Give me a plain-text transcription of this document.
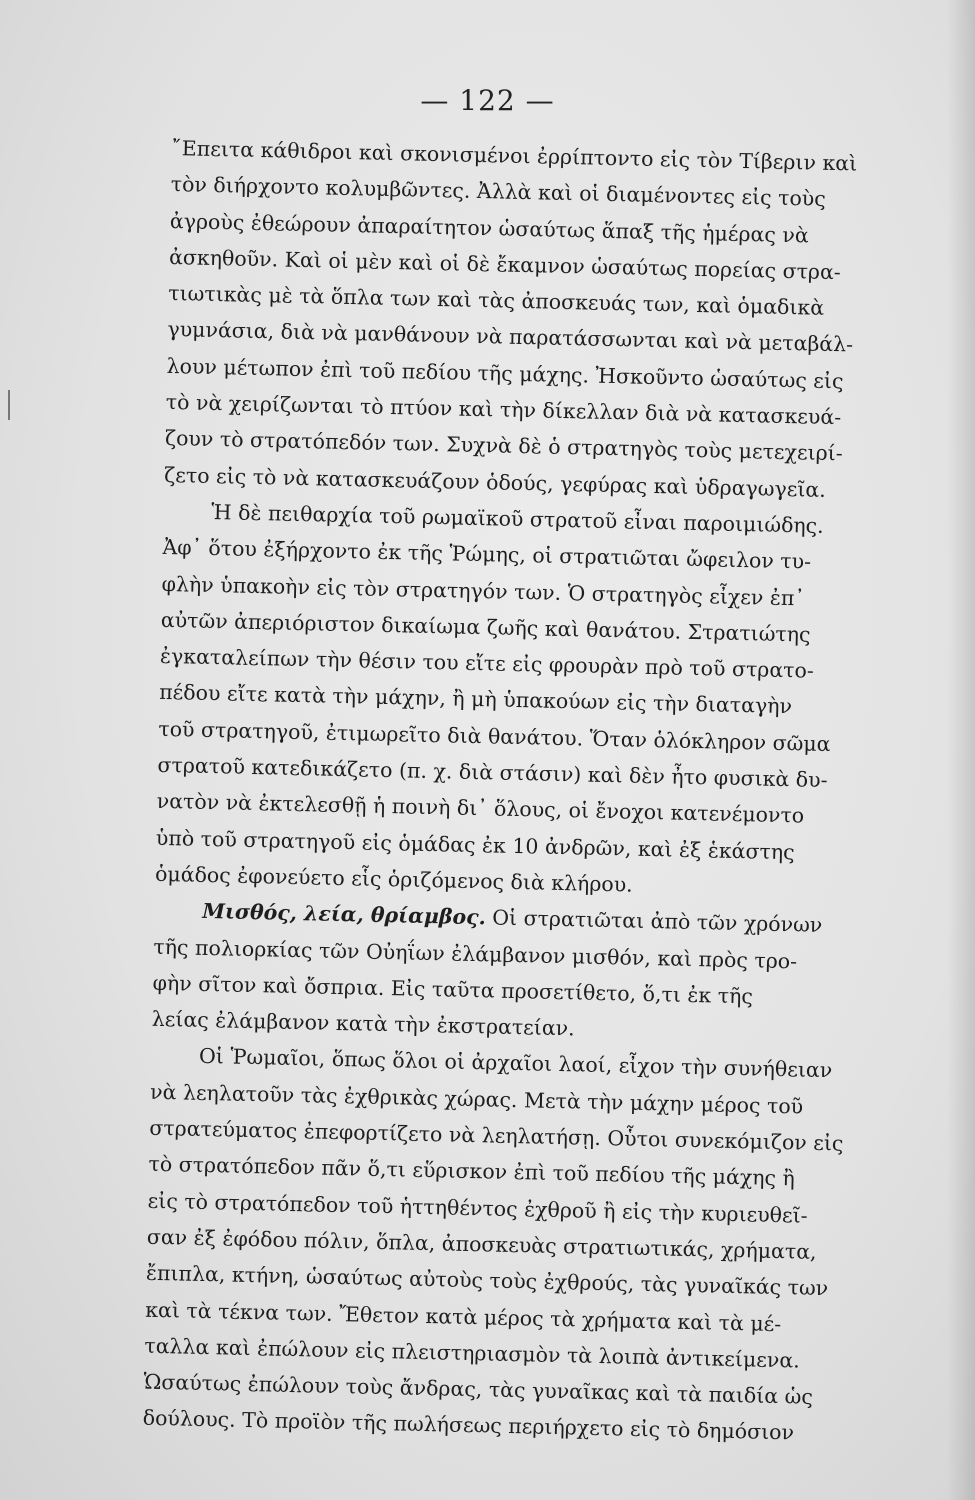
— 122 —
῎Επειτα κάθιδροι καὶ σκονισμένοι ἐρρίπτοντο εἰς τὸν Τίβεριν καὶ
τὸν διήρχοντο κολυμβῶντες. Ἀλλὰ καὶ οἱ διαμένοντες εἰς τοὺς
ἀγροὺς ἐθεώρουν ἀπαραίτητον ὡσαύτως ἅπαξ τῆς ἡμέρας νὰ
ἀσκηθοῦν. Καὶ οἱ μὲν καὶ οἱ δὲ ἔκαμνον ὡσαύτως πορείας στρα-
τιωτικὰς μὲ τὰ ὅπλα των καὶ τὰς ἀποσκευάς των, καὶ ὁμαδικὰ
γυμνάσια, διὰ νὰ μανθάνουν νὰ παρατάσσωνται καὶ νὰ μεταβάλ-
λουν μέτωπον ἐπὶ τοῦ πεδίου τῆς μάχης. Ἠσκοῦντο ὡσαύτως εἰς
τὸ νὰ χειρίζωνται τὸ πτύον καὶ τὴν δίκελλαν διὰ νὰ κατασκευά-
ζουν τὸ στρατόπεδόν των. Συχνὰ δὲ ὁ στρατηγὸς τοὺς μετεχειρί-
ζετο εἰς τὸ νὰ κατασκευάζουν ὁδούς, γεφύρας καὶ ὑδραγωγεῖα.
Ἡ δὲ πειθαρχία τοῦ ρωμαϊκοῦ στρατοῦ εἶναι παροιμιώδης.
Ἀφ᾽ ὅτου ἐξήρχοντο ἐκ τῆς Ῥώμης, οἱ στρατιῶται ὤφειλον τυ-
φλὴν ὑπακοὴν εἰς τὸν στρατηγόν των. Ὁ στρατηγὸς εἶχεν ἐπ᾽
αὐτῶν ἀπεριόριστον δικαίωμα ζωῆς καὶ θανάτου. Στρατιώτης
ἐγκαταλείπων τὴν θέσιν του εἴτε εἰς φρουρὰν πρὸ τοῦ στρατο-
πέδου εἴτε κατὰ τὴν μάχην, ἢ μὴ ὑπακούων εἰς τὴν διαταγὴν
τοῦ στρατηγοῦ, ἐτιμωρεῖτο διὰ θανάτου. Ὅταν ὁλόκληρον σῶμα
στρατοῦ κατεδικάζετο (π. χ. διὰ στάσιν) καὶ δὲν ἦτο φυσικὰ δυ-
νατὸν νὰ ἐκτελεσθῇ ἡ ποινὴ δι᾽ ὅλους, οἱ ἔνοχοι κατενέμοντο
ὑπὸ τοῦ στρατηγοῦ εἰς ὁμάδας ἐκ 10 ἀνδρῶν, καὶ ἐξ ἑκάστης
ὁμάδος ἐφονεύετο εἷς ὁριζόμενος διὰ κλήρου.
Μισθός, λεία, θρίαμβος. Οἱ στρατιῶται ἀπὸ τῶν χρόνων
τῆς πολιορκίας τῶν Οὐηΐων ἐλάμβανον μισθόν, καὶ πρὸς τρο-
φὴν σῖτον καὶ ὄσπρια. Εἰς ταῦτα προσετίθετο, ὅ,τι ἐκ τῆς
λείας ἐλάμβανον κατὰ τὴν ἐκστρατείαν.
Οἱ Ῥωμαῖοι, ὅπως ὅλοι οἱ ἀρχαῖοι λαοί, εἶχον τὴν συνήθειαν
νὰ λεηλατοῦν τὰς ἐχθρικὰς χώρας. Μετὰ τὴν μάχην μέρος τοῦ
στρατεύματος ἐπεφορτίζετο νὰ λεηλατήσῃ. Οὗτοι συνεκόμιζον εἰς
τὸ στρατόπεδον πᾶν ὅ,τι εὕρισκον ἐπὶ τοῦ πεδίου τῆς μάχης ἢ
εἰς τὸ στρατόπεδον τοῦ ἡττηθέντος ἐχθροῦ ἢ εἰς τὴν κυριευθεῖ-
σαν ἐξ ἐφόδου πόλιν, ὅπλα, ἀποσκευὰς στρατιωτικάς, χρήματα,
ἔπιπλα, κτήνη, ὡσαύτως αὐτοὺς τοὺς ἐχθρούς, τὰς γυναῖκάς των
καὶ τὰ τέκνα των. Ἔθετον κατὰ μέρος τὰ χρήματα καὶ τὰ μέ-
ταλλα καὶ ἐπώλουν εἰς πλειστηριασμὸν τὰ λοιπὰ ἀντικείμενα.
Ὡσαύτως ἐπώλουν τοὺς ἄνδρας, τὰς γυναῖκας καὶ τὰ παιδία ὡς
δούλους. Τὸ προϊὸν τῆς πωλήσεως περιήρχετο εἰς τὸ δημόσιον
